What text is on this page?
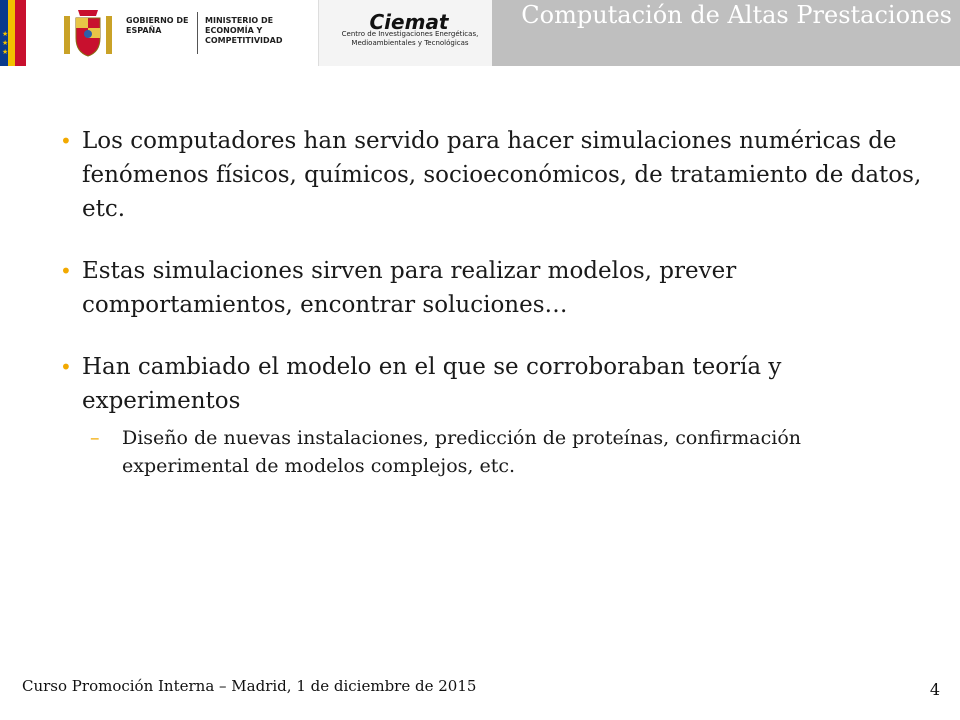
★
★
★
GOBIERNO DE ESPAÑA
MINISTERIO DE ECONOMÍA Y COMPETITIVIDAD
Ciemat
Centro de Investigaciones Energéticas, Medioambientales y Tecnológicas
Computación de Altas Prestaciones
• Los computadores han servido para hacer simulaciones numéricas de fenómenos físicos, químicos, socioeconómicos, de tratamiento de datos, etc.
• Estas simulaciones sirven para realizar modelos, prever comportamientos, encontrar soluciones…
• Han cambiado el modelo en el que se corroboraban teoría y experimentos
– Diseño de nuevas instalaciones, predicción de proteínas, confirmación experimental de modelos complejos, etc.
Curso Promoción Interna – Madrid, 1 de diciembre de 2015	4
